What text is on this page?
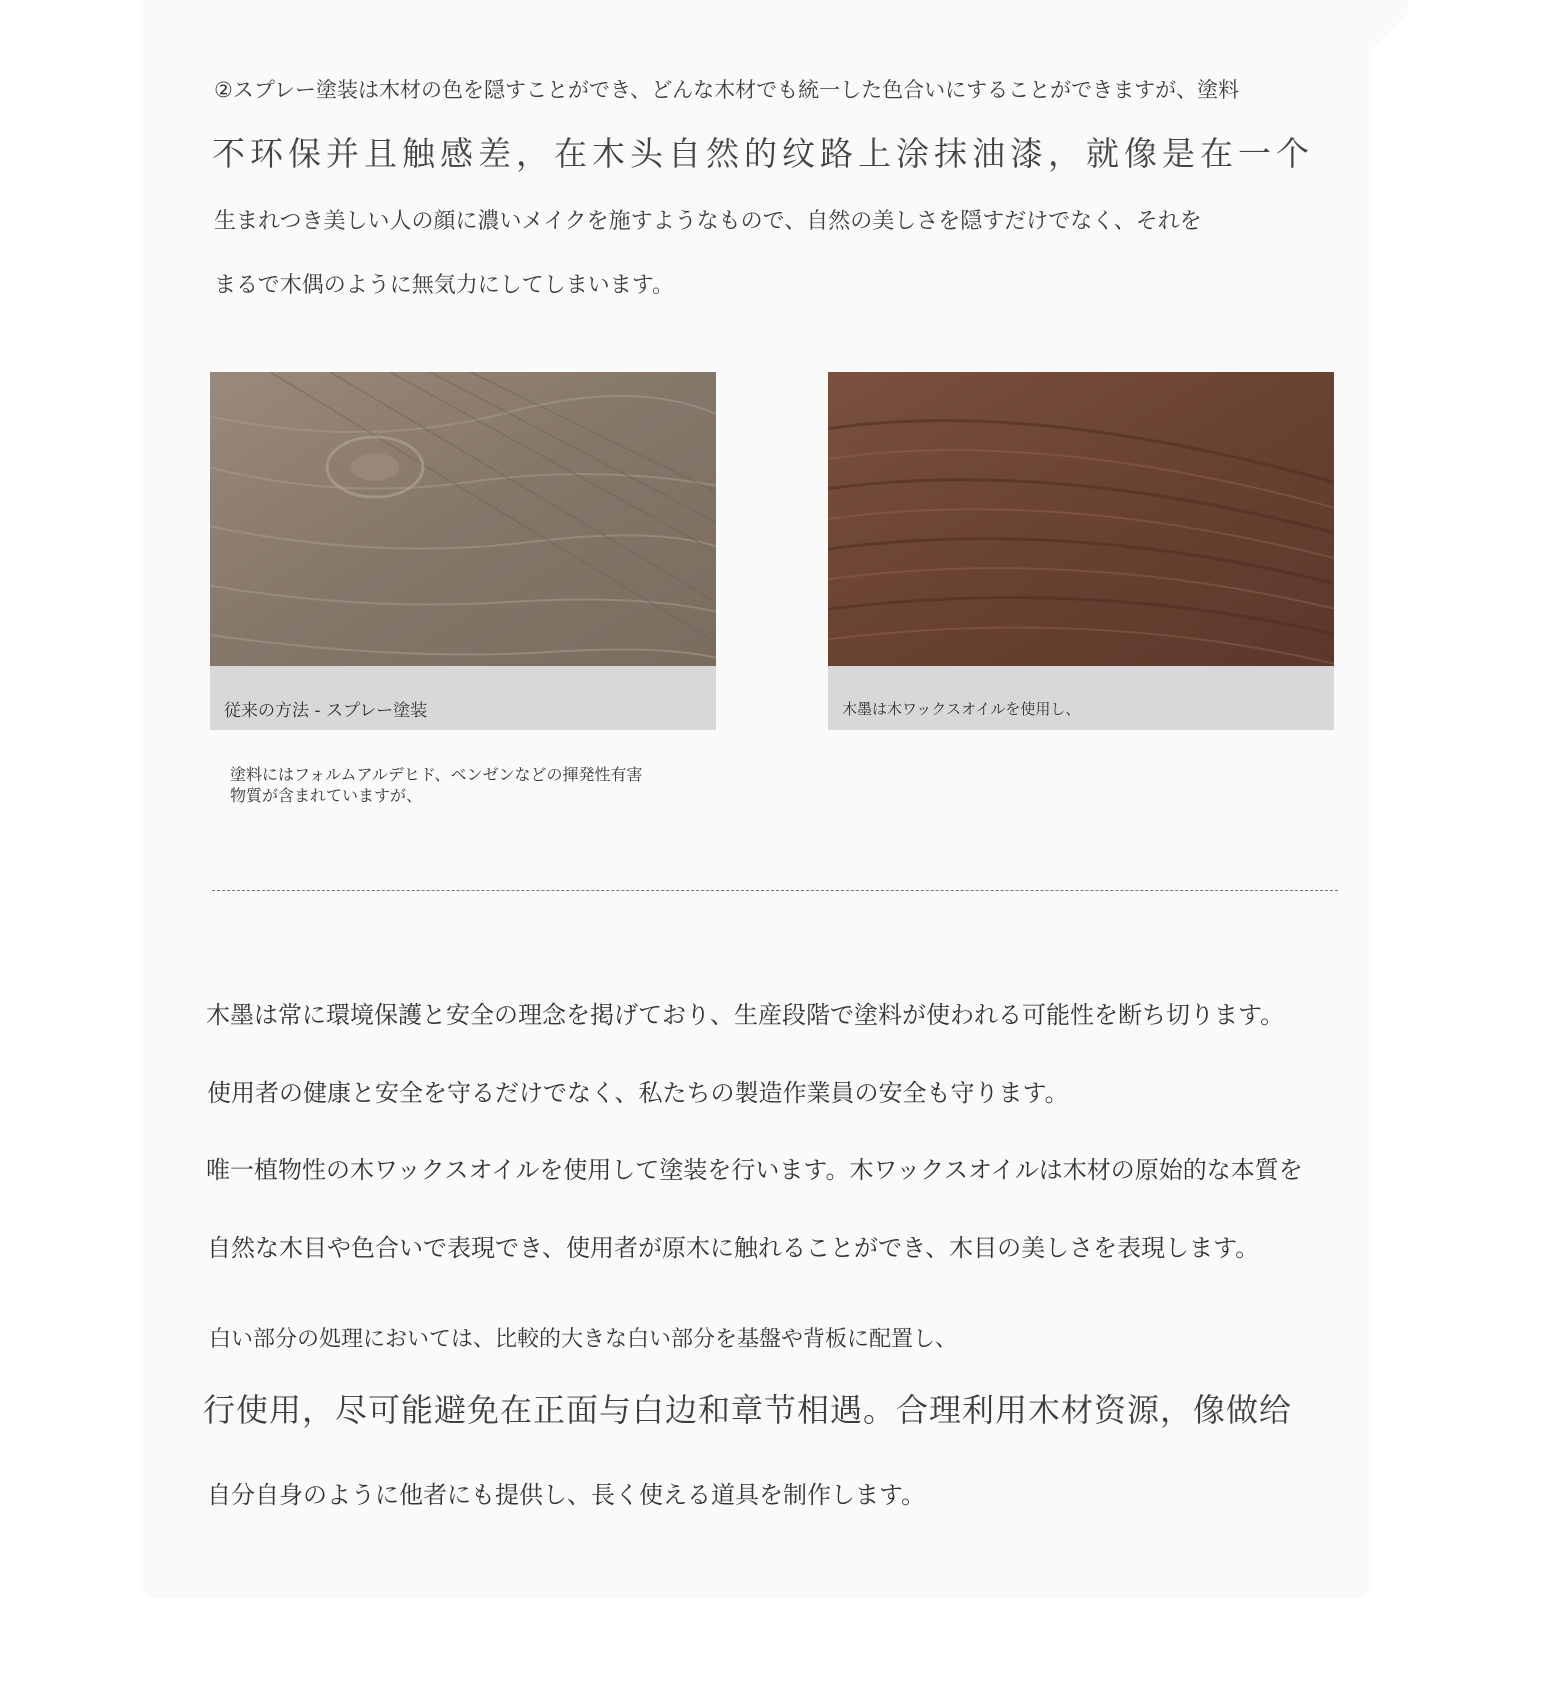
②スプレー塗装は木材の色を隠すことができ、どんな木材でも統一した色合いにすることができますが、塗料

不环保并且触感差，在木头自然的纹路上涂抹油漆，就像是在一个

生まれつき美しい人の顔に濃いメイクを施すようなもので、自然の美しさを隠すだけでなく、それを

まるで木偶のように無気力にしてしまいます。

従来の方法 - スプレー塗装	木墨は木ワックスオイルを使用し、
塗料にはフォルムアルデヒド、ベンゼンなどの揮発性有害
物質が含まれていますが、

木墨は常に環境保護と安全の理念を掲げており、生産段階で塗料が使われる可能性を断ち切ります。

使用者の健康と安全を守るだけでなく、私たちの製造作業員の安全も守ります。

唯一植物性の木ワックスオイルを使用して塗装を行います。木ワックスオイルは木材の原始的な本質を

自然な木目や色合いで表現でき、使用者が原木に触れることができ、木目の美しさを表現します。

白い部分の処理においては、比較的大きな白い部分を基盤や背板に配置し、

行使用，尽可能避免在正面与白边和章节相遇。合理利用木材资源，像做给

自分自身のように他者にも提供し、長く使える道具を制作します。
